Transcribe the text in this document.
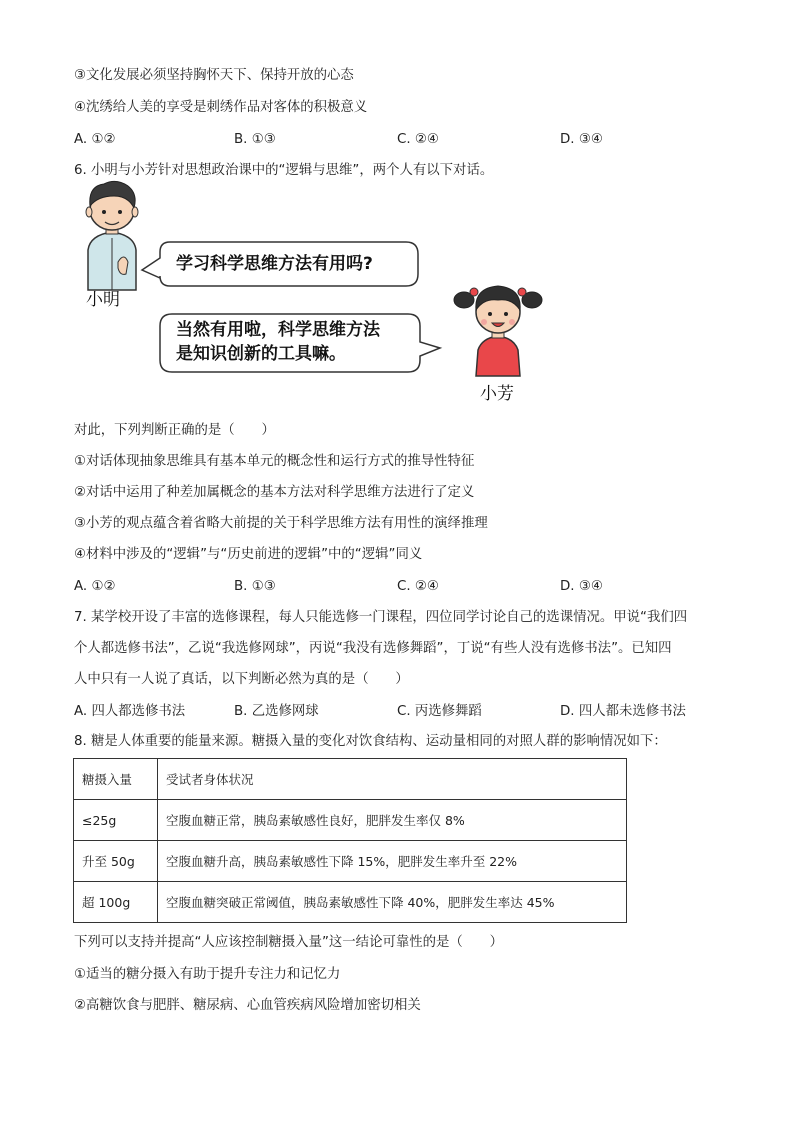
③文化发展必须坚持胸怀天下、保持开放的心态
④沈绣给人美的享受是刺绣作品对客体的积极意义
A. ①②	B. ①③	C. ②④	D. ③④
6. 小明与小芳针对思想政治课中的“逻辑与思维”，两个人有以下对话。
学习科学思维方法有用吗?
当然有用啦，科学思维方法
是知识创新的工具嘛。
小明
小芳
对此，下列判断正确的是（　　）
①对话体现抽象思维具有基本单元的概念性和运行方式的推导性特征
②对话中运用了种差加属概念的基本方法对科学思维方法进行了定义
③小芳的观点蕴含着省略大前提的关于科学思维方法有用性的演绎推理
④材料中涉及的“逻辑”与“历史前进的逻辑”中的“逻辑”同义
A. ①②	B. ①③	C. ②④	D. ③④
7. 某学校开设了丰富的选修课程，每人只能选修一门课程，四位同学讨论自己的选课情况。甲说“我们四
个人都选修书法”，乙说“我选修网球”，丙说“我没有选修舞蹈”，丁说“有些人没有选修书法”。已知四
人中只有一人说了真话，以下判断必然为真的是（　　）
A. 四人都选修书法	B. 乙选修网球	C. 丙选修舞蹈	D. 四人都未选修书法
8. 糖是人体重要的能量来源。糖摄入量的变化对饮食结构、运动量相同的对照人群的影响情况如下：
糖摄入量	受试者身体状况
≤25g	空腹血糖正常，胰岛素敏感性良好，肥胖发生率仅 8%
升至 50g	空腹血糖升高，胰岛素敏感性下降 15%，肥胖发生率升至 22%
超 100g	空腹血糖突破正常阈值，胰岛素敏感性下降 40%，肥胖发生率达 45%
下列可以支持并提高“人应该控制糖摄入量”这一结论可靠性的是（　　）
①适当的糖分摄入有助于提升专注力和记忆力
②高糖饮食与肥胖、糖尿病、心血管疾病风险增加密切相关
